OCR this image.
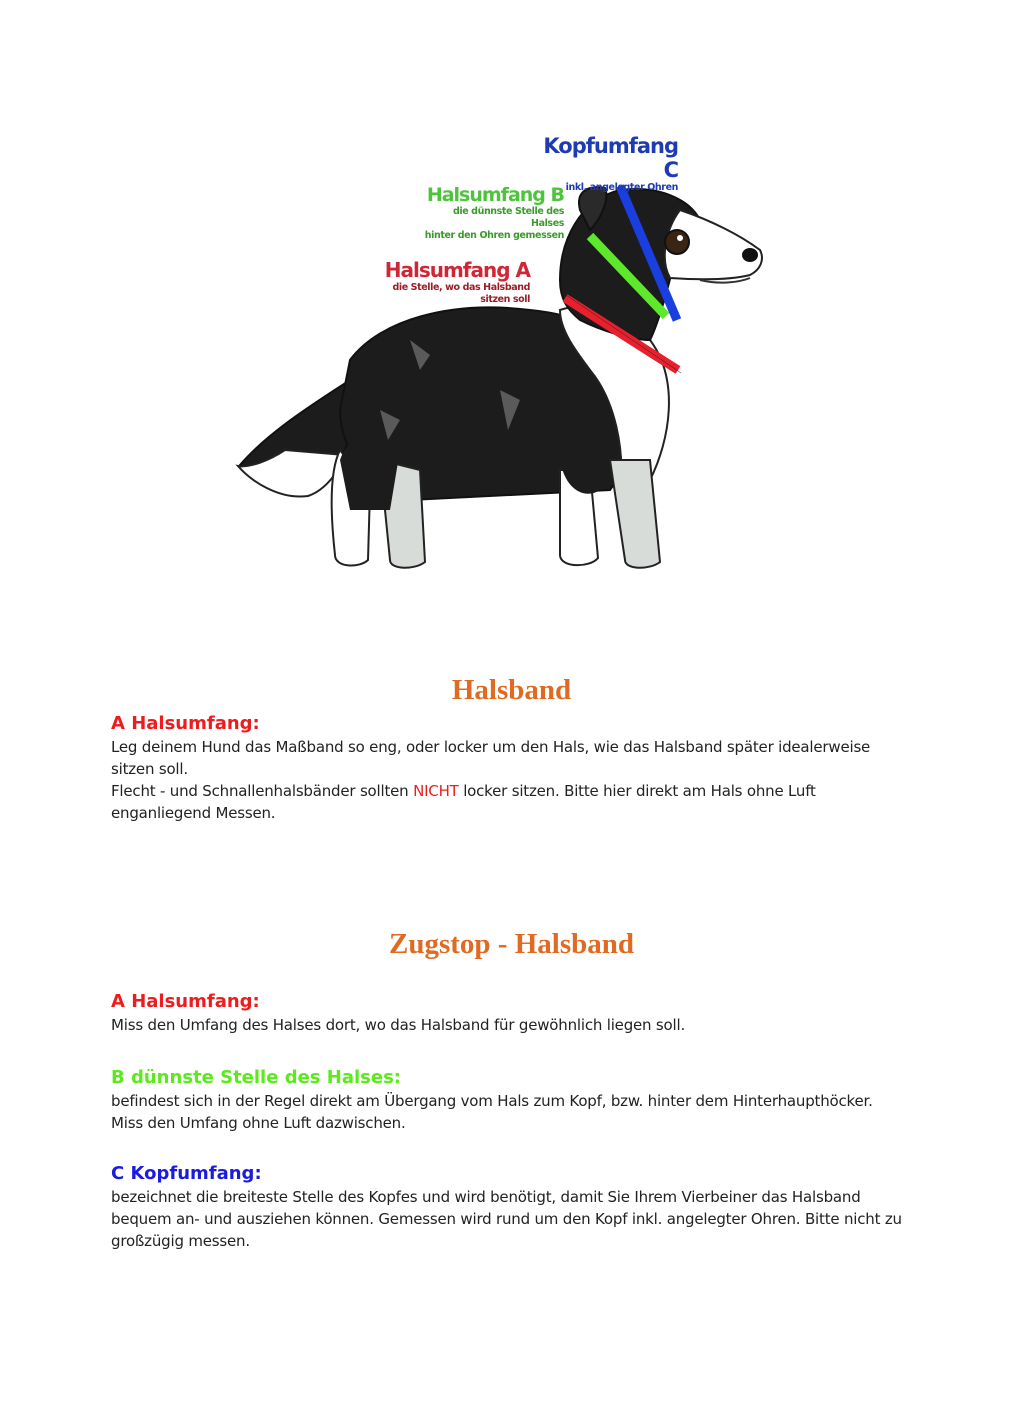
Kopfumfang C
inkl. angelegter Ohren
Halsumfang B
die dünnste Stelle des Halses
hinter den Ohren gemessen
Halsumfang A
die Stelle, wo das Halsband sitzen soll
Halsband
A Halsumfang:
Leg deinem Hund das Maßband so eng, oder locker um den Hals, wie das Halsband später idealerweise sitzen soll.
Flecht - und Schnallenhalsbänder sollten NICHT locker sitzen. Bitte hier direkt am Hals ohne Luft enganliegend Messen.
Zugstop - Halsband
A Halsumfang:
Miss den Umfang des Halses dort, wo das Halsband für gewöhnlich liegen soll.
B dünnste Stelle des Halses:
befindest sich in der Regel direkt am Übergang vom Hals zum Kopf, bzw. hinter dem Hinterhaupthöcker.
Miss den Umfang ohne Luft dazwischen.
C Kopfumfang:
bezeichnet die breiteste Stelle des Kopfes und wird benötigt, damit Sie Ihrem Vierbeiner das Halsband bequem an- und ausziehen können. Gemessen wird rund um den Kopf inkl. angelegter Ohren. Bitte nicht zu großzügig messen.
